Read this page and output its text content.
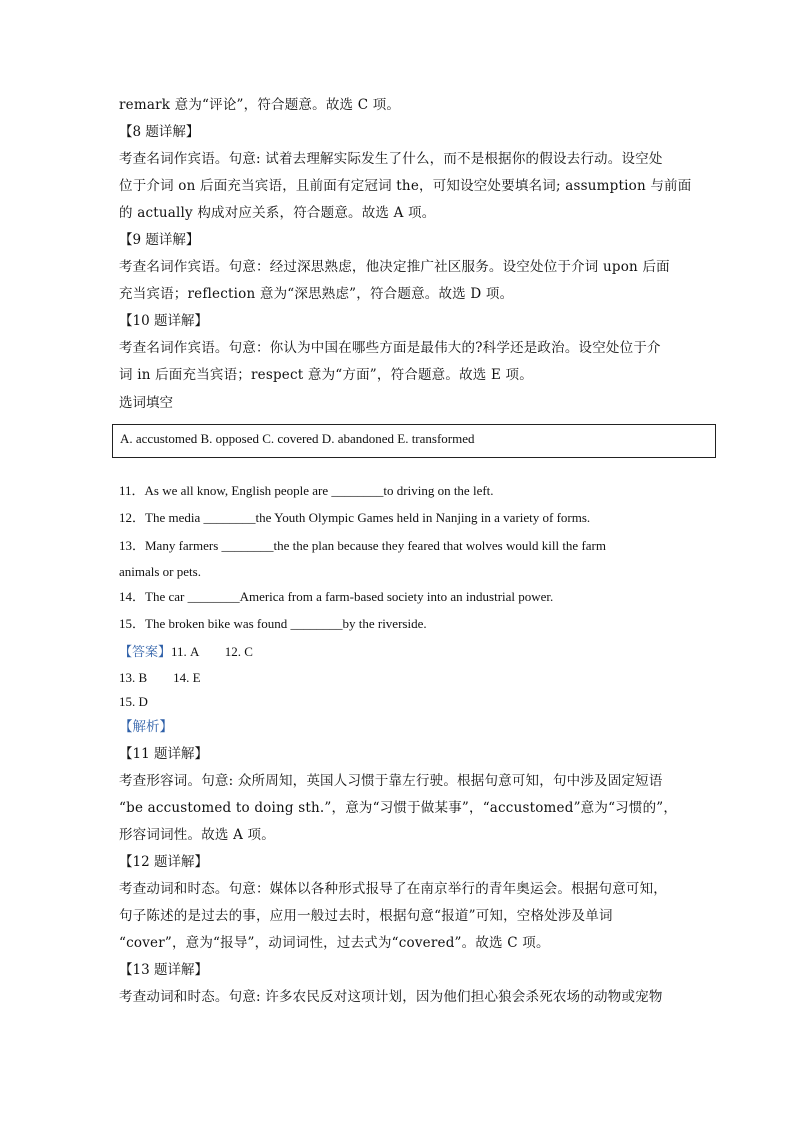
remark 意为“评论”，符合题意。故选 C 项。
【8 题详解】
考查名词作宾语。句意: 试着去理解实际发生了什么，而不是根据你的假设去行动。设空处
位于介词 on 后面充当宾语，且前面有定冠词 the，可知设空处要填名词; assumption 与前面
的 actually 构成对应关系，符合题意。故选 A 项。
【9 题详解】
考查名词作宾语。句意：经过深思熟虑，他决定推广社区服务。设空处位于介词 upon 后面
充当宾语；reflection 意为“深思熟虑”，符合题意。故选 D 项。
【10 题详解】
考查名词作宾语。句意：你认为中国在哪些方面是最伟大的?科学还是政治。设空处位于介
词 in 后面充当宾语；respect 意为“方面”，符合题意。故选 E 项。
选词填空
A. accustomed B. opposed C. covered D. abandoned E. transformed
11．As we all know, English people are ________to driving on the left.
12．The media ________the Youth Olympic Games held in Nanjing in a variety of forms.
13．Many farmers ________the the plan because they feared that wolves would kill the farm
animals or pets.
14．The car ________America from a farm-based society into an industrial power.
15．The broken bike was found ________by the riverside.
【答案】11. A        12. C
13. B        14. E
15. D
【解析】
【11 题详解】
考查形容词。句意: 众所周知，英国人习惯于靠左行驶。根据句意可知，句中涉及固定短语
“be accustomed to doing sth.”，意为“习惯于做某事”，“accustomed”意为“习惯的”，
形容词词性。故选 A 项。
【12 题详解】
考查动词和时态。句意：媒体以各种形式报导了在南京举行的青年奥运会。根据句意可知，
句子陈述的是过去的事，应用一般过去时，根据句意“报道”可知，空格处涉及单词
“cover”，意为“报导”，动词词性，过去式为“covered”。故选 C 项。
【13 题详解】
考查动词和时态。句意: 许多农民反对这项计划，因为他们担心狼会杀死农场的动物或宠物
